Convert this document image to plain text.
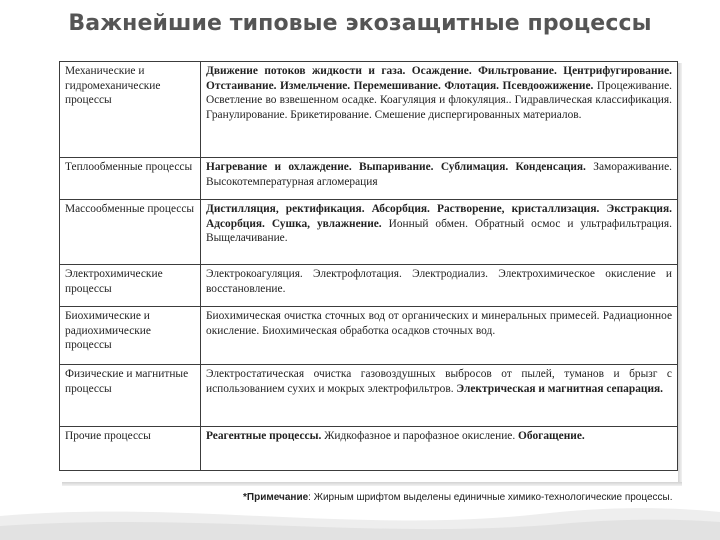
Важнейшие типовые экозащитные процессы
Механические и гидромеханические процессы	Движение потоков жидкости и газа. Осаждение. Фильтрование. Центрифугирование. Отстаивание. Измельчение. Перемешивание. Флотация. Псевдоожижение. Процеживание. Осветление во взвешенном осадке. Коагуляция и флокуляция.. Гидравлическая классификация. Гранулирование. Брикетирование. Смешение диспергированных материалов.

Теплообменные процессы	Нагревание и охлаждение. Выпаривание. Сублимация. Конденсация. Замораживание. Высокотемпературная агломерация

Массообменные процессы	Дистилляция, ректификация. Абсорбция. Растворение, кристаллизация. Экстракция. Адсорбция. Сушка, увлажнение. Ионный обмен. Обратный осмос и ультрафильтрация. Выщелачивание.

Электрохимические процессы	Электрокоагуляция. Электрофлотация. Электродиализ. Электрохимическое окисление и восстановление.

Биохимические и радиохимические процессы	Биохимическая очистка сточных вод от органических и минеральных примесей. Радиационное окисление. Биохимическая обработка осадков сточных вод.

Физические и магнитные процессы	Электростатическая очистка газовоздушных выбросов от пылей, туманов и брызг с использованием сухих и мокрых электрофильтров. Электрическая и магнитная сепарация.

Прочие процессы	Реагентные процессы. Жидкофазное и парофазное окисление. Обогащение.
*Примечание: Жирным шрифтом выделены единичные химико-технологические процессы.
